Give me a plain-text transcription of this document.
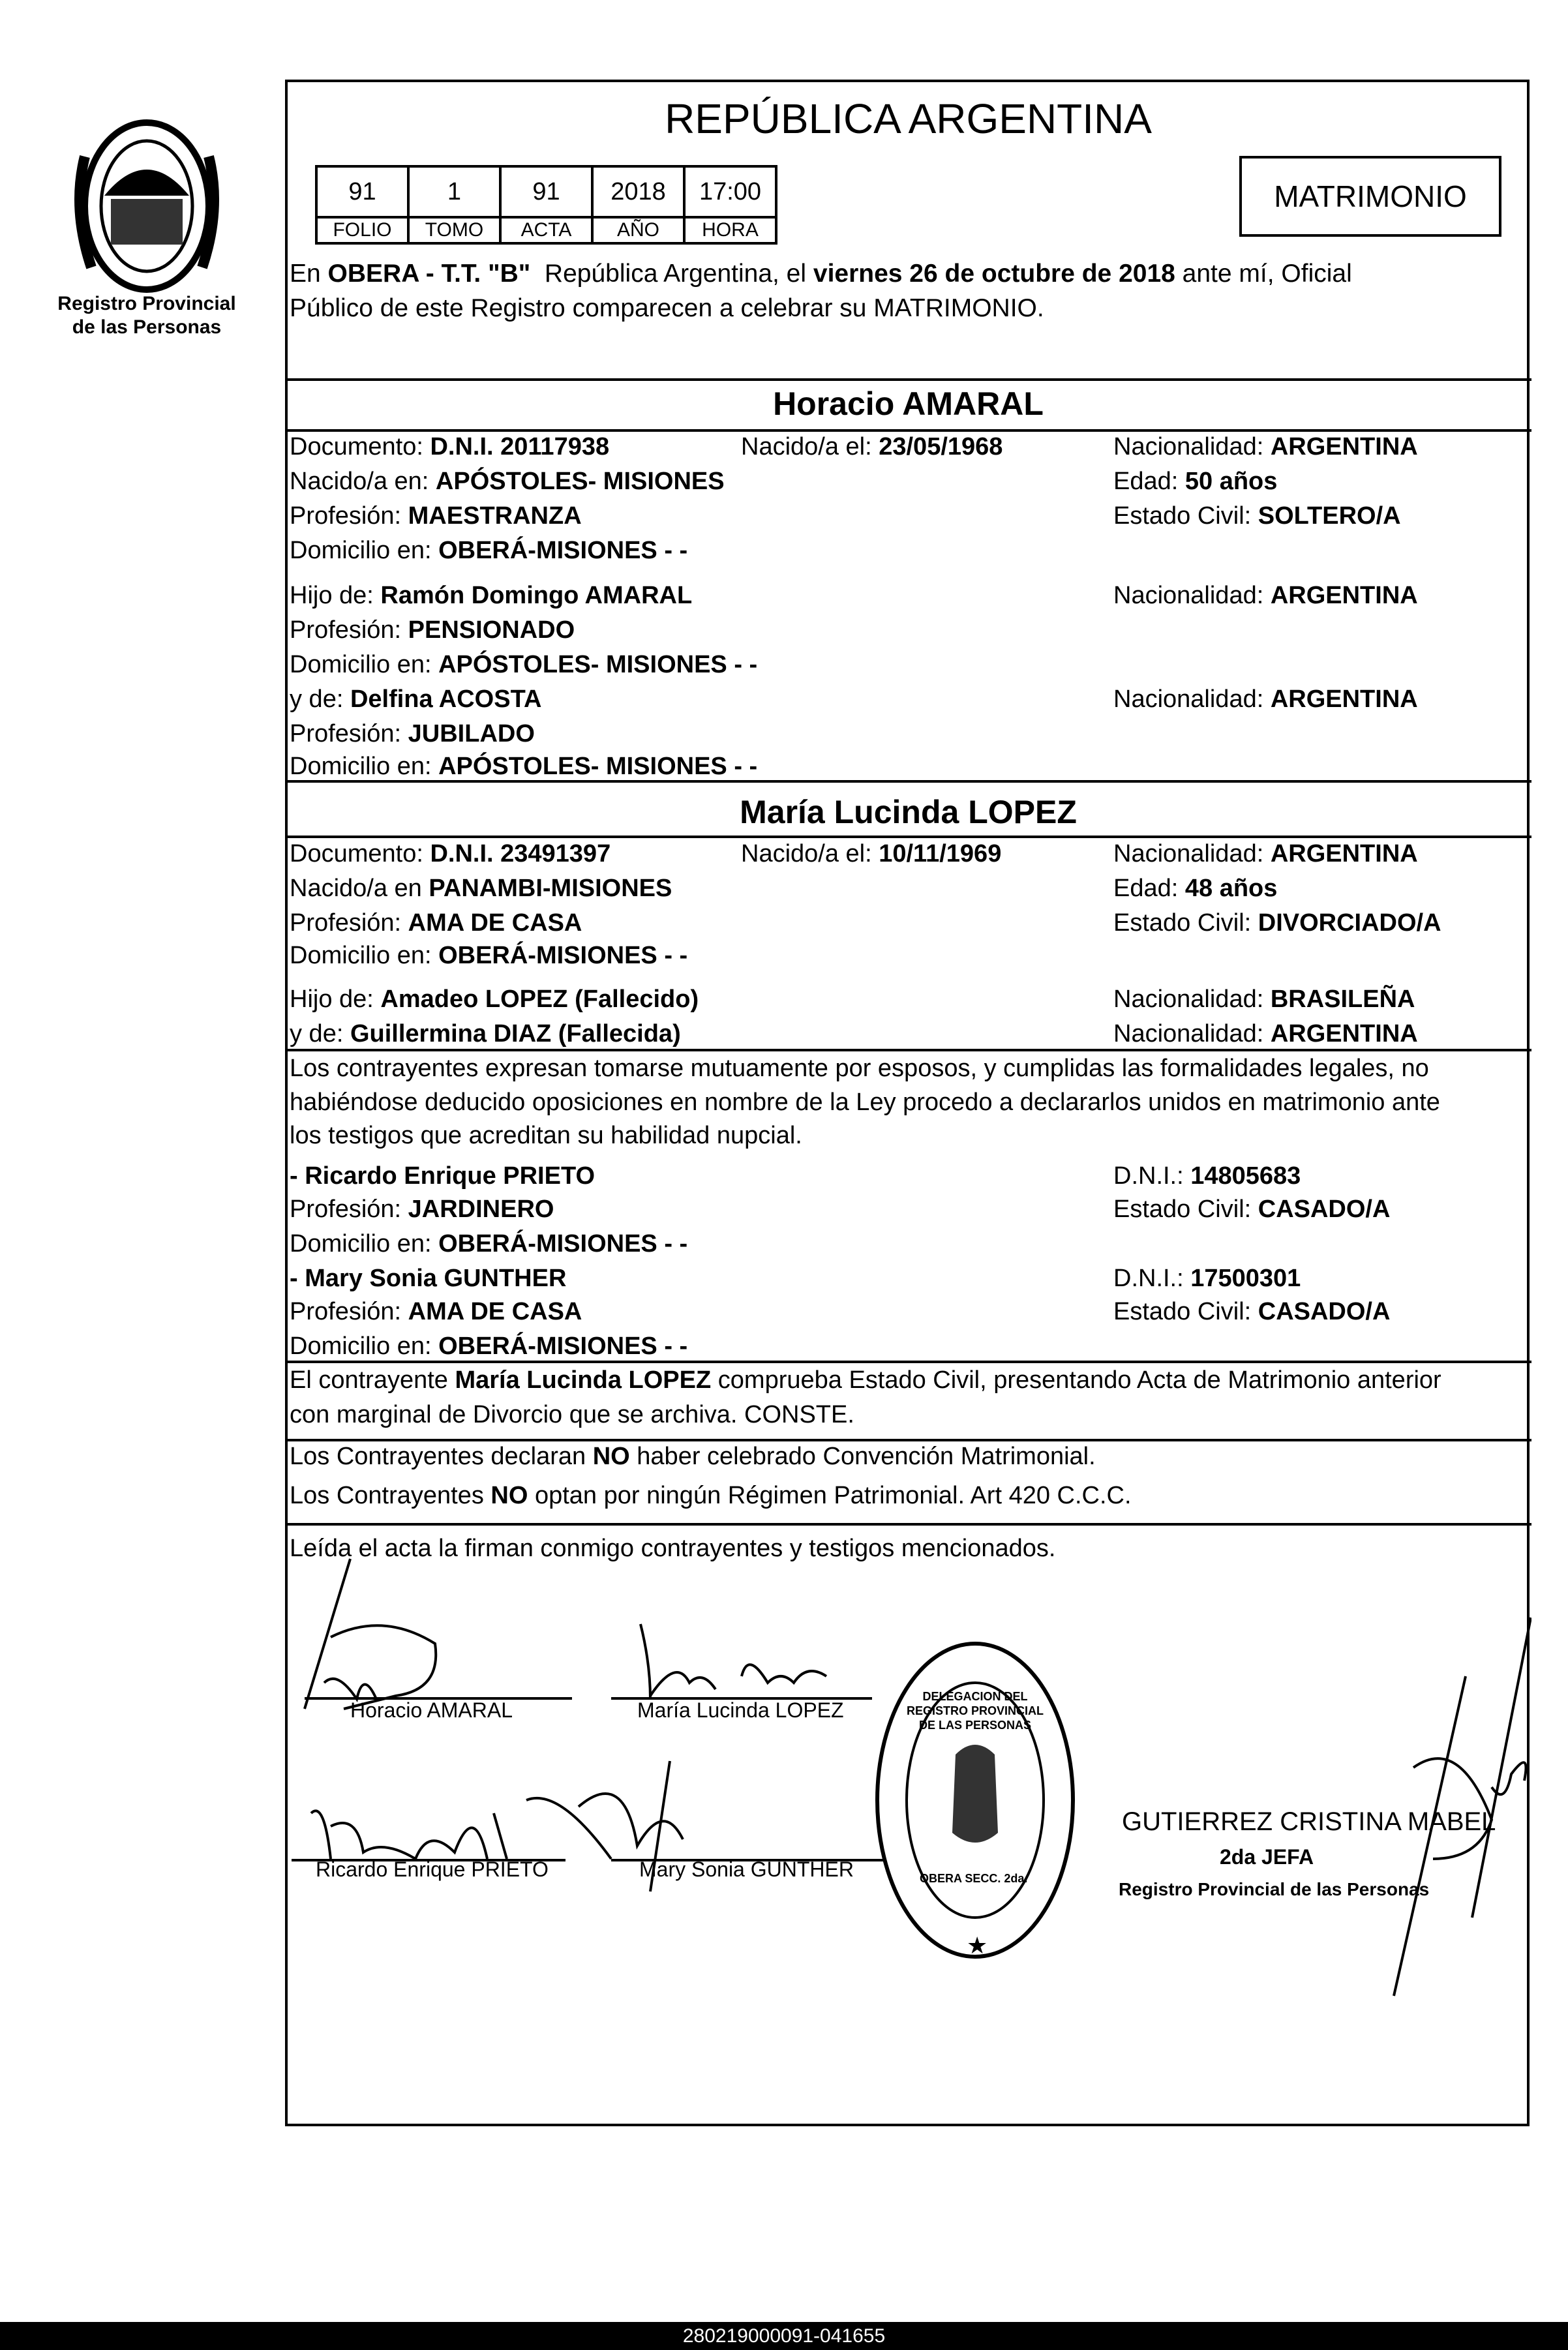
Registro Provincial
de las Personas
REPÚBLICA ARGENTINA
91	1	91	2018	17:00
FOLIO	TOMO	ACTA	AÑO	HORA
MATRIMONIO
En OBERA - T.T. "B"  República Argentina, el viernes 26 de octubre de 2018 ante mí, Oficial
Público de este Registro comparecen a celebrar su MATRIMONIO.
Horacio AMARAL
María Lucinda LOPEZ
Los contrayentes expresan tomarse mutuamente por esposos, y cumplidas las formalidades legales, no
habiéndose deducido oposiciones en nombre de la Ley procedo a declararlos unidos en matrimonio ante
los testigos que acreditan su habilidad nupcial.
El contrayente María Lucinda LOPEZ comprueba Estado Civil, presentando Acta de Matrimonio anterior
con marginal de Divorcio que se archiva. CONSTE.
Los Contrayentes declaran NO haber celebrado Convención Matrimonial.
Los Contrayentes NO optan por ningún Régimen Patrimonial. Art 420 C.C.C.
Leída el acta la firman conmigo contrayentes y testigos mencionados.
★
Horacio AMARAL	María Lucinda LOPEZ
Ricardo Enrique PRIETO	Mary Sonia GUNTHER
DELEGACION DEL REGISTRO PROVINCIAL DE LAS PERSONAS
OBERA SECC. 2da.
GUTIERREZ CRISTINA MABEL
2da JEFA
Registro Provincial de las Personas
280219000091-041655
Documento: D.N.I. 20117938	Nacido/a el: 23/05/1968	Nacionalidad: ARGENTINA
Nacido/a en: APÓSTOLES- MISIONES	Edad: 50 años
Profesión: MAESTRANZA	Estado Civil: SOLTERO/A
Domicilio en: OBERÁ-MISIONES - -
Hijo de: Ramón Domingo AMARAL	Nacionalidad: ARGENTINA
Profesión: PENSIONADO
Domicilio en: APÓSTOLES- MISIONES - -
y de: Delfina ACOSTA	Nacionalidad: ARGENTINA
Profesión: JUBILADO
Domicilio en: APÓSTOLES- MISIONES - -
Documento: D.N.I. 23491397	Nacido/a el: 10/11/1969	Nacionalidad: ARGENTINA
Nacido/a en PANAMBI-MISIONES	Edad: 48 años
Profesión: AMA DE CASA	Estado Civil: DIVORCIADO/A
Domicilio en: OBERÁ-MISIONES - -
Hijo de: Amadeo LOPEZ (Fallecido)	Nacionalidad: BRASILEÑA
y de: Guillermina DIAZ (Fallecida)	Nacionalidad: ARGENTINA
- Ricardo Enrique PRIETO	D.N.I.: 14805683
Profesión: JARDINERO	Estado Civil: CASADO/A
Domicilio en: OBERÁ-MISIONES - -
- Mary Sonia GUNTHER	D.N.I.: 17500301
Profesión: AMA DE CASA	Estado Civil: CASADO/A
Domicilio en: OBERÁ-MISIONES - -
